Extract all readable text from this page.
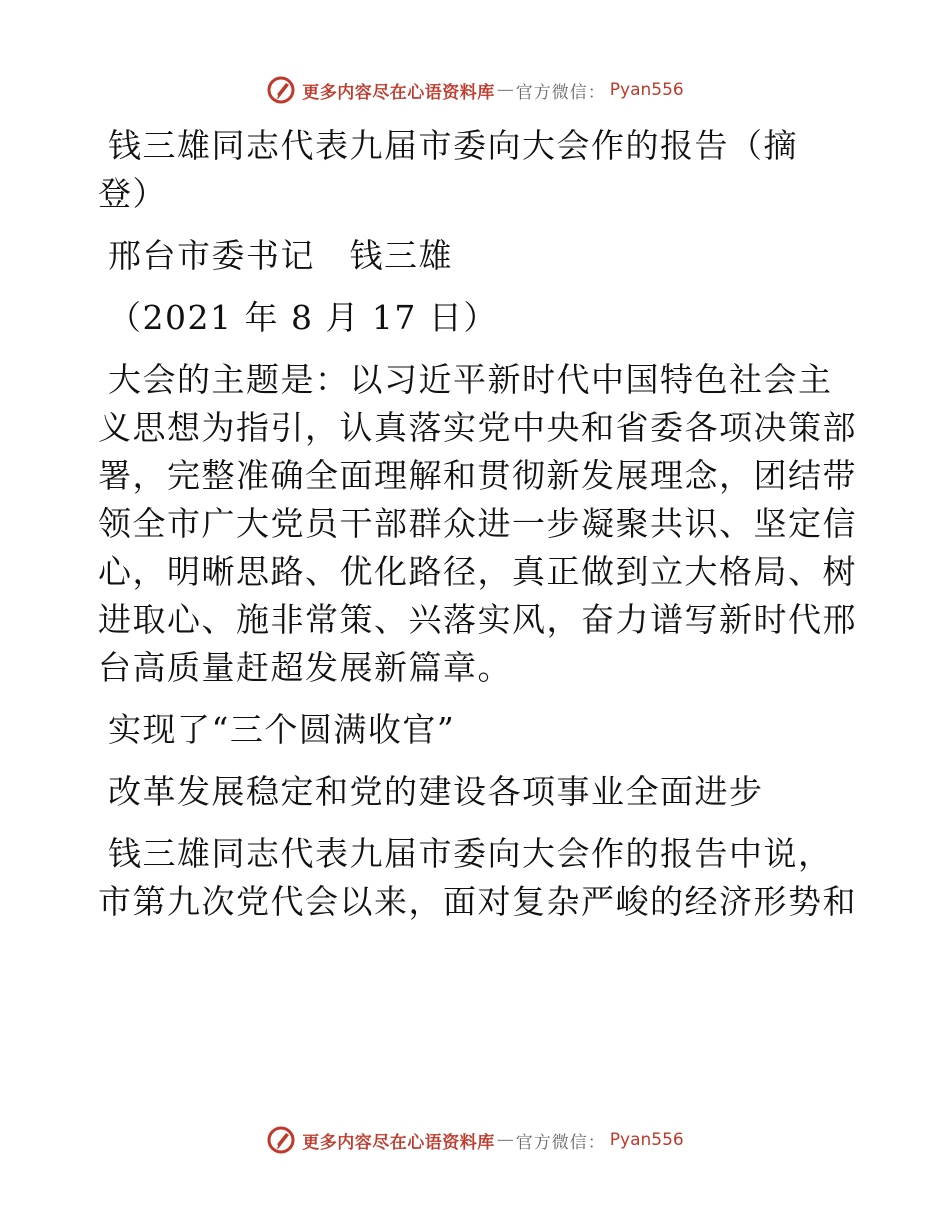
更多内容尽在心语资料库 — 官方微信： Pyan556
钱三雄同志代表九届市委向大会作的报告（摘
登）
邢台市委书记　钱三雄
（2021 年 8 月 17 日）
大会的主题是：以习近平新时代中国特色社会主
义思想为指引，认真落实党中央和省委各项决策部
署，完整准确全面理解和贯彻新发展理念，团结带
领全市广大党员干部群众进一步凝聚共识、坚定信
心，明晰思路、优化路径，真正做到立大格局、树
进取心、施非常策、兴落实风，奋力谱写新时代邢
台高质量赶超发展新篇章。
实现了“三个圆满收官”
改革发展稳定和党的建设各项事业全面进步
钱三雄同志代表九届市委向大会作的报告中说，
市第九次党代会以来，面对复杂严峻的经济形势和
更多内容尽在心语资料库 — 官方微信： Pyan556
